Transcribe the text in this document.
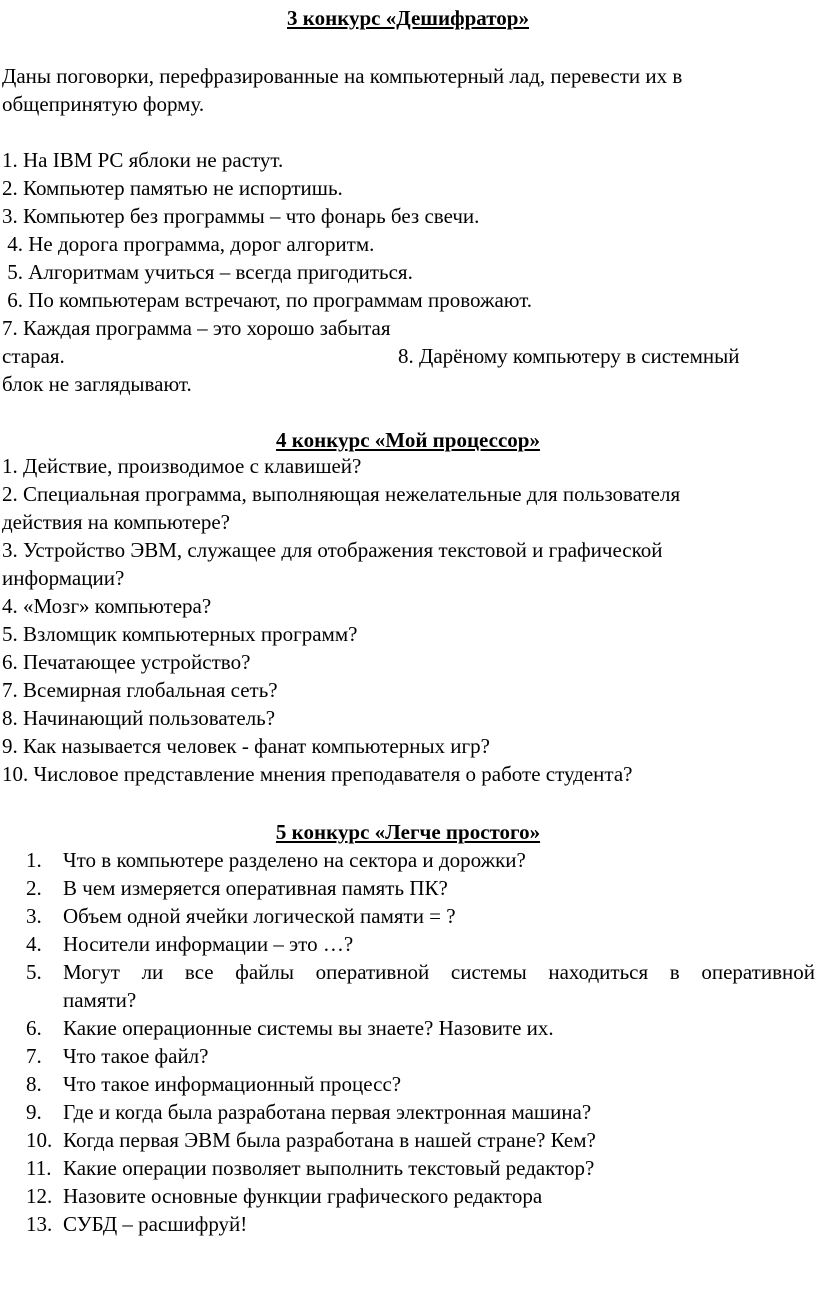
3 конкурс «Дешифратор»
Даны поговорки, перефразированные на компьютерный лад, перевести их в
общепринятую форму.
1. На IBM PC яблоки не растут.
2. Компьютер памятью не испортишь.
3. Компьютер без программы – что фонарь без свечи.
4. Не дорога программа, дорог алгоритм.
5. Алгоритмам учиться – всегда пригодиться.
6. По компьютерам встречают, по программам провожают.
7. Каждая программа – это хорошо забытая
старая.	8. Дарёному компьютеру в системный
блок не заглядывают.
4 конкурс «Мой процессор»
1. Действие, производимое с клавишей?
2. Специальная программа, выполняющая нежелательные для пользователя
действия на компьютере?
3. Устройство ЭВМ, служащее для отображения текстовой и графической
информации?
4. «Мозг» компьютера?
5. Взломщик компьютерных программ?
6. Печатающее устройство?
7. Всемирная глобальная сеть?
8. Начинающий пользователь?
9. Как называется человек - фанат компьютерных игр?
10. Числовое представление мнения преподавателя о работе студента?
5 конкурс «Легче простого»
1.	Что в компьютере разделено на сектора и дорожки?
2.	В чем измеряется оперативная память ПК?
3.	Объем одной ячейки логической памяти = ?
4.	Носители информации – это …?
5.	Могут ли все файлы оперативной системы находиться в оперативной
памяти?
6.	Какие операционные системы вы знаете? Назовите их.
7.	Что такое файл?
8.	Что такое информационный процесс?
9.	Где и когда была разработана первая электронная машина?
10. Когда первая ЭВМ была разработана в нашей стране? Кем?
11. Какие операции позволяет выполнить текстовый редактор?
12. Назовите основные функции графического редактора
13. СУБД – расшифруй!
